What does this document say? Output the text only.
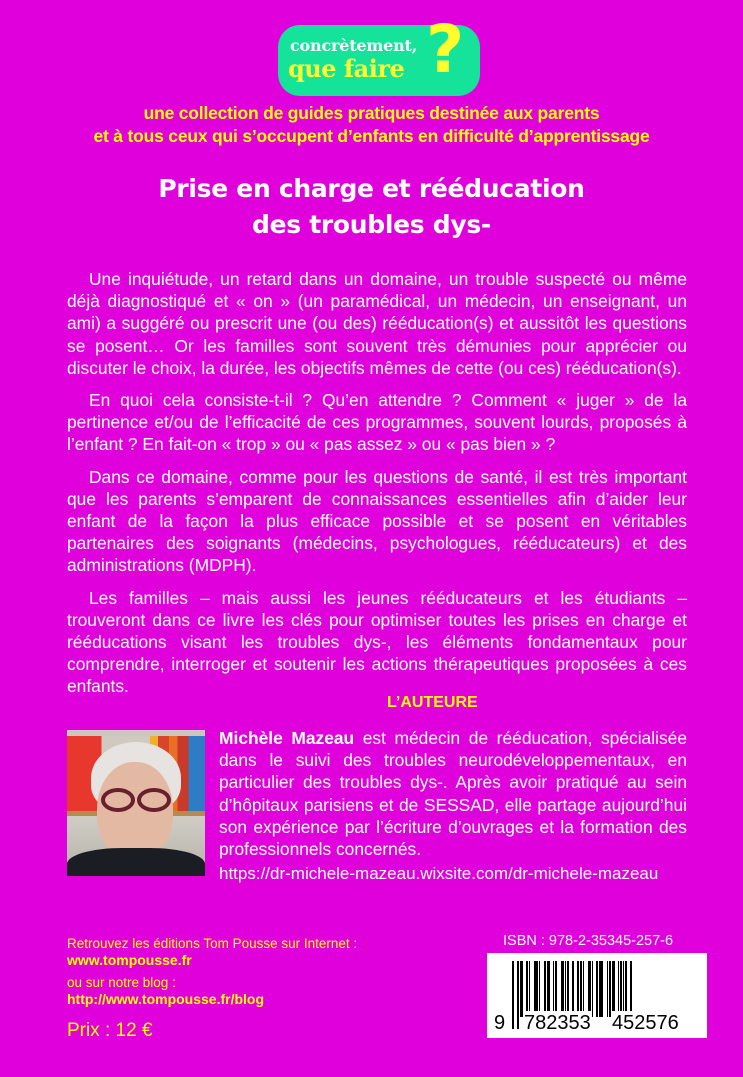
concrètement,
que faire ?
une collection de guides pratiques destinée aux parents
et à tous ceux qui s’occupent d’enfants en difficulté d’apprentissage
Prise en charge et rééducation
des troubles dys-

Une inquiétude, un retard dans un domaine, un trouble suspecté ou même déjà diagnostiqué et « on » (un paramédical, un médecin, un enseignant, un ami) a suggéré ou prescrit une (ou des) rééducation(s) et aussitôt les questions se posent… Or les familles sont souvent très démunies pour apprécier ou discuter le choix, la durée, les objectifs mêmes de cette (ou ces) rééducation(s).

En quoi cela consiste-t-il ? Qu’en attendre ? Comment « juger » de la pertinence et/ou de l’efficacité de ces programmes, souvent lourds, proposés à l’enfant ? En fait-on « trop » ou « pas assez » ou « pas bien » ?

Dans ce domaine, comme pour les questions de santé, il est très important que les parents s’emparent de connaissances essentielles afin d’aider leur enfant de la façon la plus efficace possible et se posent en véritables partenaires des soignants (médecins, psychologues, rééducateurs) et des administrations (MDPH).

Les familles – mais aussi les jeunes rééducateurs et les étudiants – trouveront dans ce livre les clés pour optimiser toutes les prises en charge et rééducations visant les troubles dys-, les éléments fondamentaux pour comprendre, interroger et soutenir les actions thérapeutiques proposées à ces enfants.

L’AUTEURE
Michèle Mazeau est médecin de rééducation, spécialisée dans le suivi des troubles neurodéveloppementaux, en particulier des troubles dys-. Après avoir pratiqué au sein d’hôpitaux parisiens et de SESSAD, elle partage aujourd’hui son expérience par l’écriture d’ouvrages et la formation des professionnels concernés.
https://dr-michele-mazeau.wixsite.com/dr-michele-mazeau
Retrouvez les éditions Tom Pousse sur Internet :
www.tompousse.fr
ou sur notre blog :
http://www.tompousse.fr/blog
Prix : 12 €
ISBN : 978-2-35345-257-6
9 782353 452576
